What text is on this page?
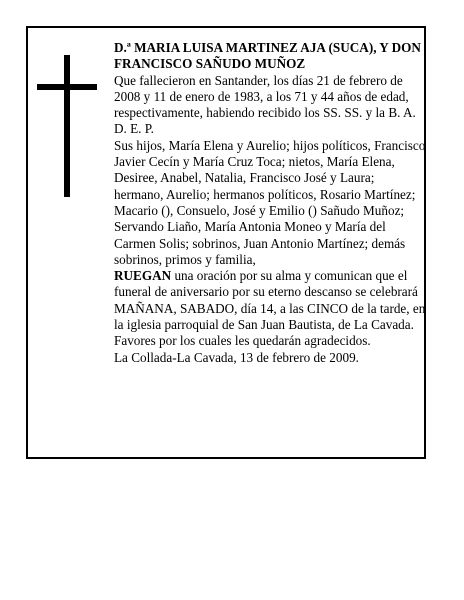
D.ª MARIA LUISA MARTINEZ AJA (SUCA), Y DON FRANCISCO SAÑUDO MUÑOZ

Que fallecieron en Santander, los días 21 de febrero de 2008 y 11 de enero de 1983, a los 71 y 44 años de edad, respectivamente, habiendo recibido los SS. SS. y la B. A.

D. E. P.

Sus hijos, María Elena y Aurelio; hijos políticos, Francisco Javier Cecín y María Cruz Toca; nietos, María Elena, Desiree, Anabel, Natalia, Francisco José y Laura; hermano, Aurelio; hermanos políticos, Rosario Martínez; Macario (), Consuelo, José y Emilio () Sañudo Muñoz; Servando Liaño, María Antonia Moneo y María del Carmen Solis; sobrinos, Juan Antonio Martínez; demás sobrinos, primos y familia,

RUEGAN una oración por su alma y comunican que el funeral de aniversario por su eterno descanso se celebrará MAÑANA, SABADO, día 14, a las CINCO de la tarde, en la iglesia parroquial de San Juan Bautista, de La Cavada. Favores por los cuales les quedarán agradecidos.

La Collada-La Cavada, 13 de febrero de 2009.
